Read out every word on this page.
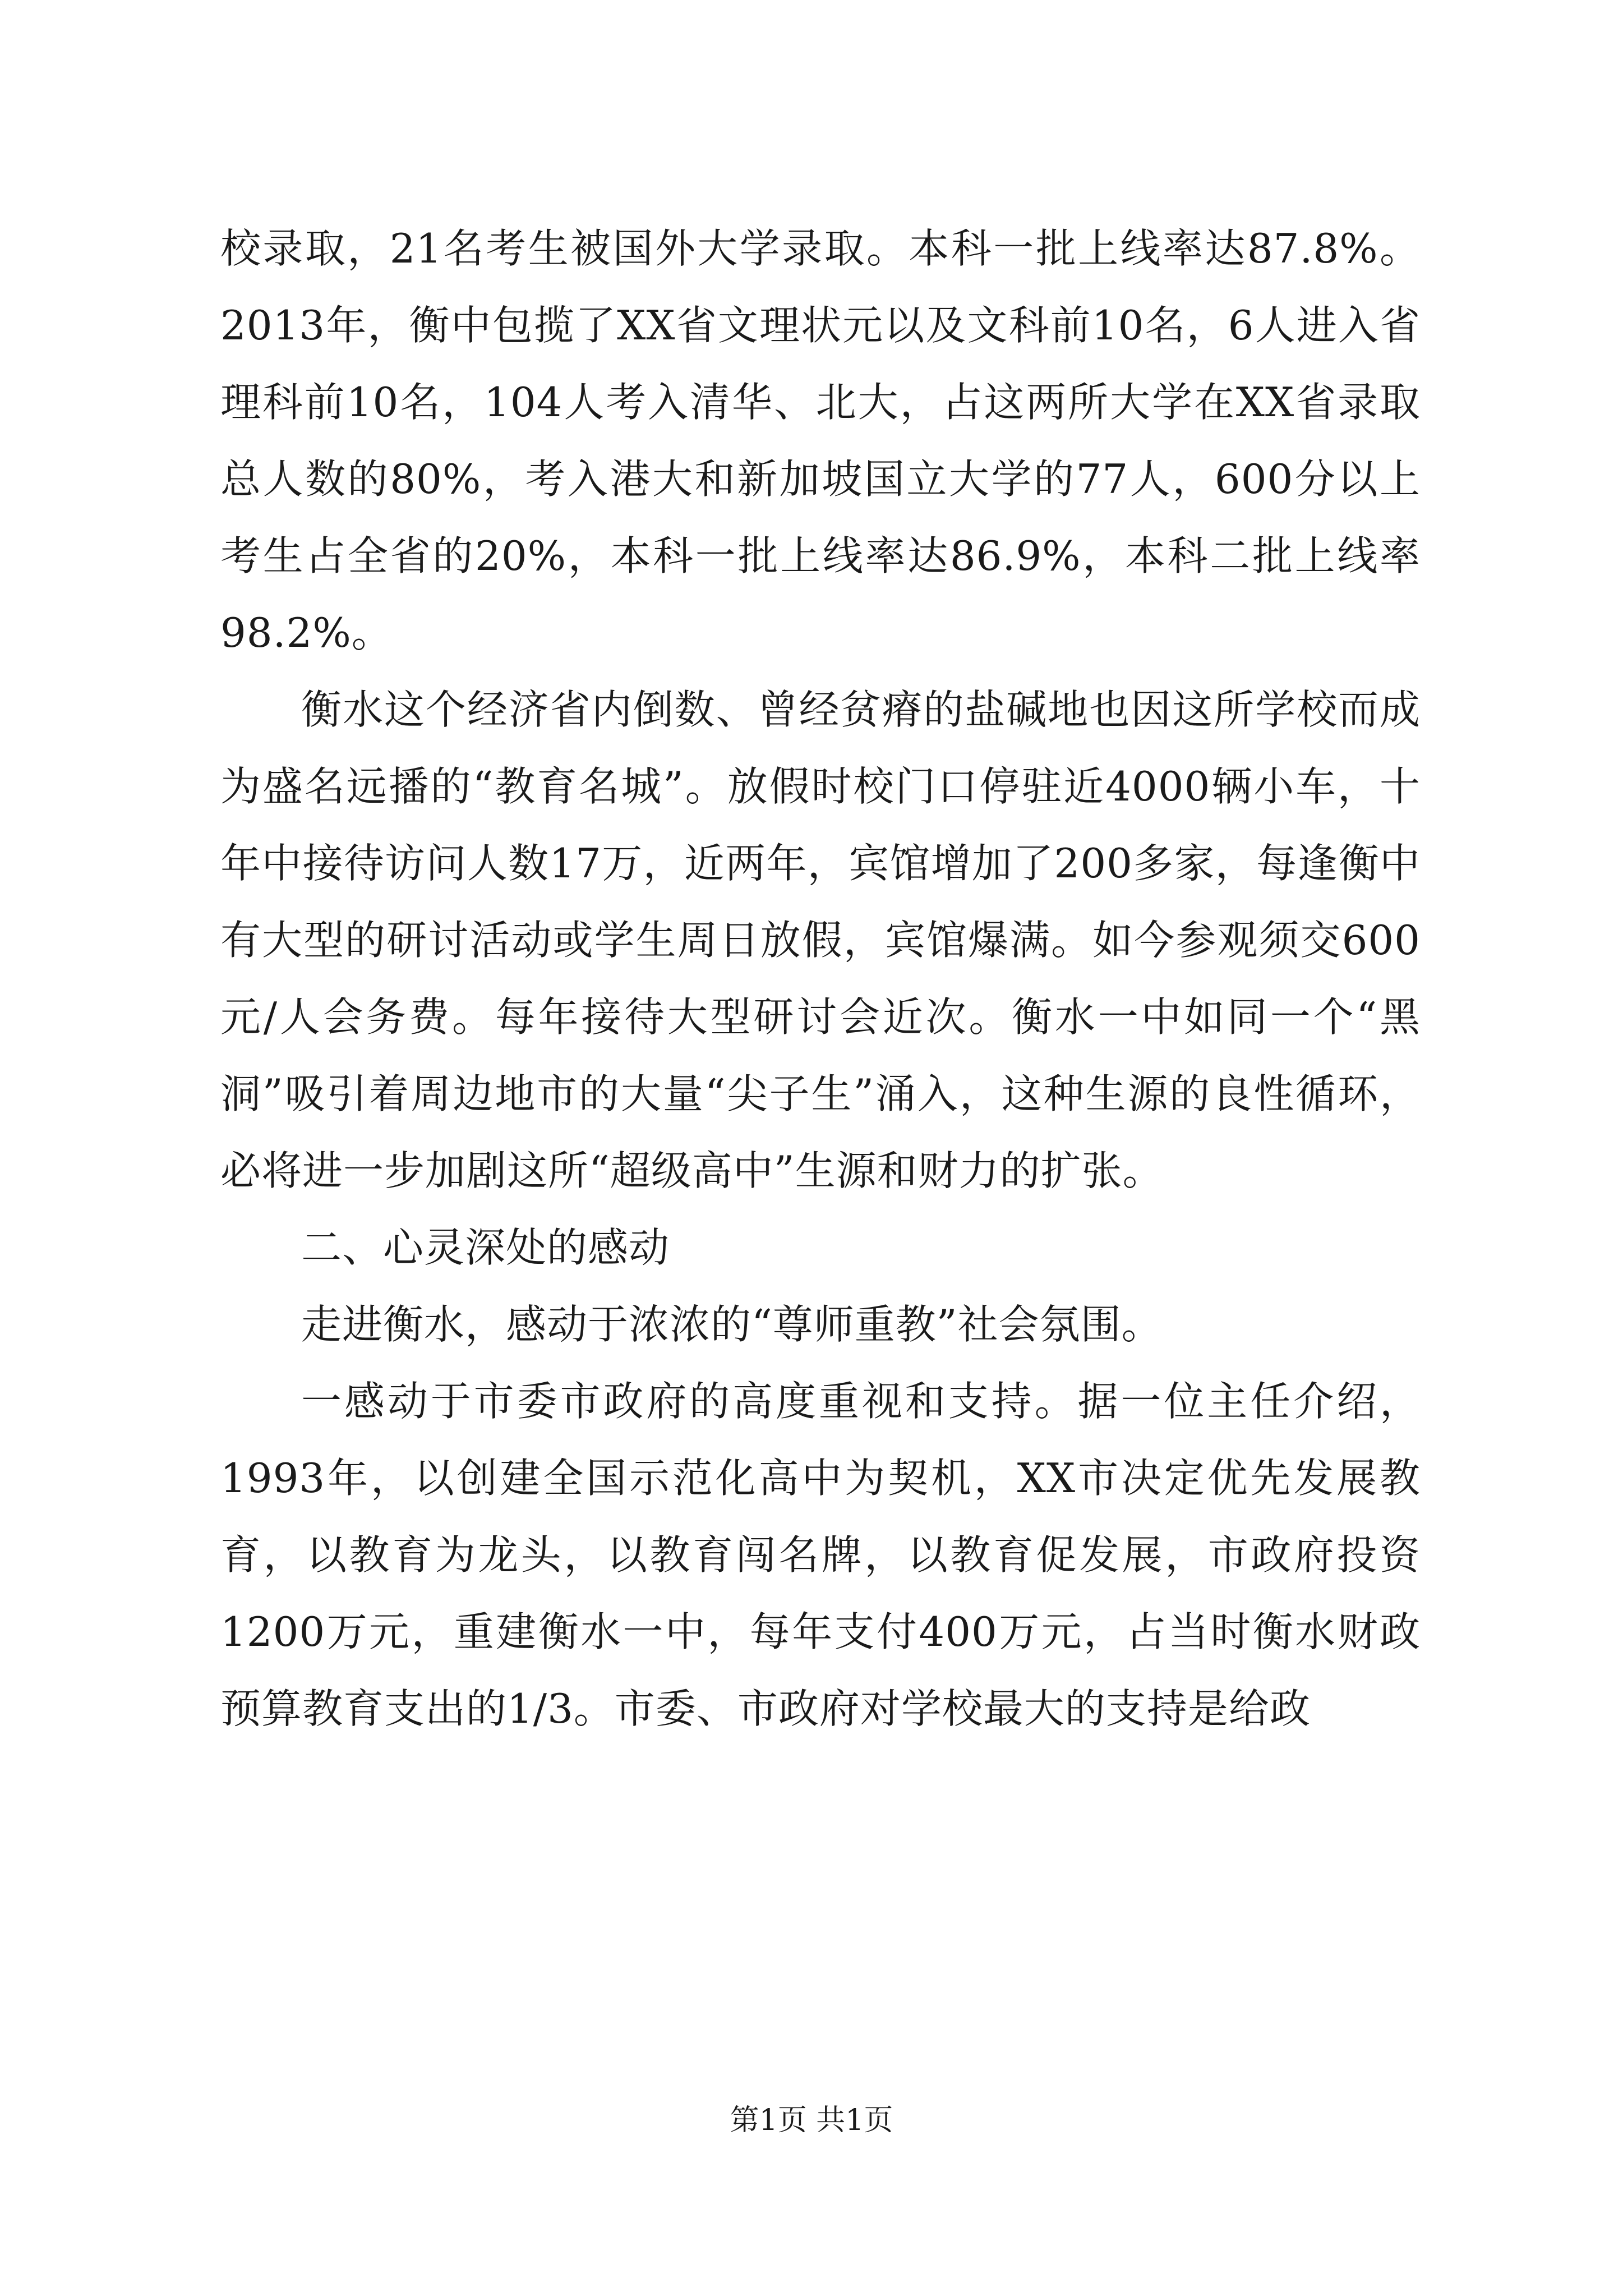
校录取，21名考生被国外大学录取。本科一批上线率达87.8%。2013年，衡中包揽了XX省文理状元以及文科前10名，6人进入省理科前10名，104人考入清华、北大，占这两所大学在XX省录取总人数的80%，考入港大和新加坡国立大学的77人，600分以上考生占全省的20%，本科一批上线率达86.9%，本科二批上线率98.2%。

衡水这个经济省内倒数、曾经贫瘠的盐碱地也因这所学校而成为盛名远播的“教育名城”。放假时校门口停驻近4000辆小车，十年中接待访问人数17万，近两年，宾馆增加了200多家，每逢衡中有大型的研讨活动或学生周日放假，宾馆爆满。如今参观须交600元/人会务费。每年接待大型研讨会近次。衡水一中如同一个“黑洞”吸引着周边地市的大量“尖子生”涌入，这种生源的良性循环，必将进一步加剧这所“超级高中”生源和财力的扩张。

二、心灵深处的感动

走进衡水，感动于浓浓的“尊师重教”社会氛围。

一感动于市委市政府的高度重视和支持。据一位主任介绍，1993年，以创建全国示范化高中为契机，XX市决定优先发展教育，以教育为龙头，以教育闯名牌，以教育促发展，市政府投资1200万元，重建衡水一中，每年支付400万元，占当时衡水财政预算教育支出的1/3。市委、市政府对学校最大的支持是给政

第1页 共1页
